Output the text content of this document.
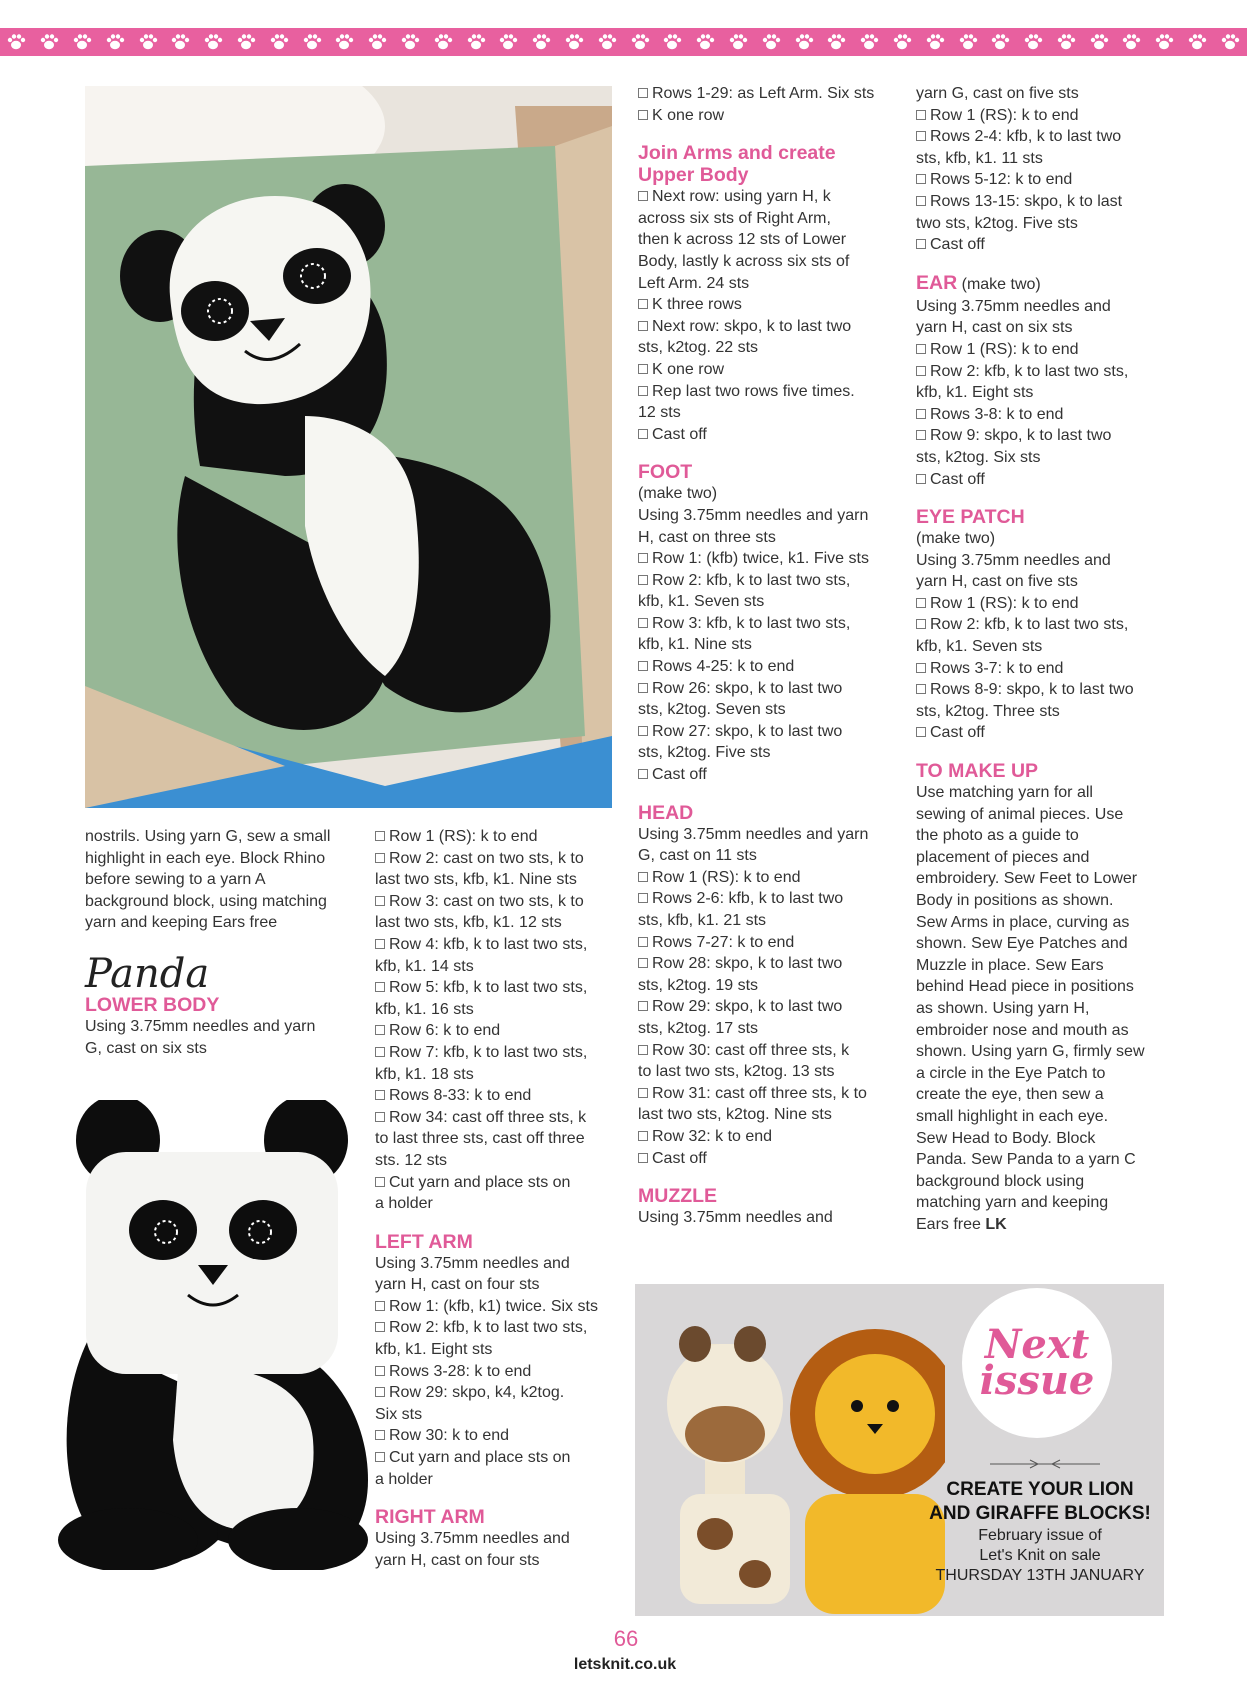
nostrils. Using yarn G, sew a small
highlight in each eye. Block Rhino
before sewing to a yarn A
background block, using matching
yarn and keeping Ears free
Panda

LOWER BODY

Using 3.75mm needles and yarn
G, cast on six sts
Row 1 (RS): k to end
Row 2: cast on two sts, k to
last two sts, kfb, k1. Nine sts
Row 3: cast on two sts, k to
last two sts, kfb, k1. 12 sts
Row 4: kfb, k to last two sts,
kfb, k1. 14 sts
Row 5: kfb, k to last two sts,
kfb, k1. 16 sts
Row 6: k to end
Row 7: kfb, k to last two sts,
kfb, k1. 18 sts
Rows 8-33: k to end
Row 34: cast off three sts, k
to last three sts, cast off three
sts. 12 sts
Cut yarn and place sts on
a holder

LEFT ARM

Using 3.75mm needles and
yarn H, cast on four sts
Row 1: (kfb, k1) twice. Six sts
Row 2: kfb, k to last two sts,
kfb, k1. Eight sts
Rows 3-28: k to end
Row 29: skpo, k4, k2tog.
Six sts
Row 30: k to end
Cut yarn and place sts on
a holder

RIGHT ARM

Using 3.75mm needles and
yarn H, cast on four sts
Rows 1-29: as Left Arm. Six sts
K one row

Join Arms and create
Upper Body

Next row: using yarn H, k
across six sts of Right Arm,
then k across 12 sts of Lower
Body, lastly k across six sts of
Left Arm. 24 sts
K three rows
Next row: skpo, k to last two
sts, k2tog. 22 sts
K one row
Rep last two rows five times.
12 sts
Cast off

FOOT

(make two)
Using 3.75mm needles and yarn
H, cast on three sts
Row 1: (kfb) twice, k1. Five sts
Row 2: kfb, k to last two sts,
kfb, k1. Seven sts
Row 3: kfb, k to last two sts,
kfb, k1. Nine sts
Rows 4-25: k to end
Row 26: skpo, k to last two
sts, k2tog. Seven sts
Row 27: skpo, k to last two
sts, k2tog. Five sts
Cast off

HEAD

Using 3.75mm needles and yarn
G, cast on 11 sts
Row 1 (RS): k to end
Rows 2-6: kfb, k to last two
sts, kfb, k1. 21 sts
Rows 7-27: k to end
Row 28: skpo, k to last two
sts, k2tog. 19 sts
Row 29: skpo, k to last two
sts, k2tog. 17 sts
Row 30: cast off three sts, k
to last two sts, k2tog. 13 sts
Row 31: cast off three sts, k to
last two sts, k2tog. Nine sts
Row 32: k to end
Cast off

MUZZLE

Using 3.75mm needles and
yarn G, cast on five sts
Row 1 (RS): k to end
Rows 2-4: kfb, k to last two
sts, kfb, k1. 11 sts
Rows 5-12: k to end
Rows 13-15: skpo, k to last
two sts, k2tog. Five sts
Cast off

EAR (make two)

Using 3.75mm needles and
yarn H, cast on six sts
Row 1 (RS): k to end
Row 2: kfb, k to last two sts,
kfb, k1. Eight sts
Rows 3-8: k to end
Row 9: skpo, k to last two
sts, k2tog. Six sts
Cast off

EYE PATCH

(make two)
Using 3.75mm needles and
yarn H, cast on five sts
Row 1 (RS): k to end
Row 2: kfb, k to last two sts,
kfb, k1. Seven sts
Rows 3-7: k to end
Rows 8-9: skpo, k to last two
sts, k2tog. Three sts
Cast off

TO MAKE UP

Use matching yarn for all
sewing of animal pieces. Use
the photo as a guide to
placement of pieces and
embroidery. Sew Feet to Lower
Body in positions as shown.
Sew Arms in place, curving as
shown. Sew Eye Patches and
Muzzle in place. Sew Ears
behind Head piece in positions
as shown. Using yarn H,
embroider nose and mouth as
shown. Using yarn G, firmly sew
a circle in the Eye Patch to
create the eye, then sew a
small highlight in each eye.
Sew Head to Body. Block
Panda. Sew Panda to a yarn C
background block using
matching yarn and keeping
Ears free LK
Next
issue
CREATE YOUR LION
AND GIRAFFE BLOCKS!
February issue of
Let's Knit on sale
THURSDAY 13TH JANUARY
66
letsknit.co.uk
